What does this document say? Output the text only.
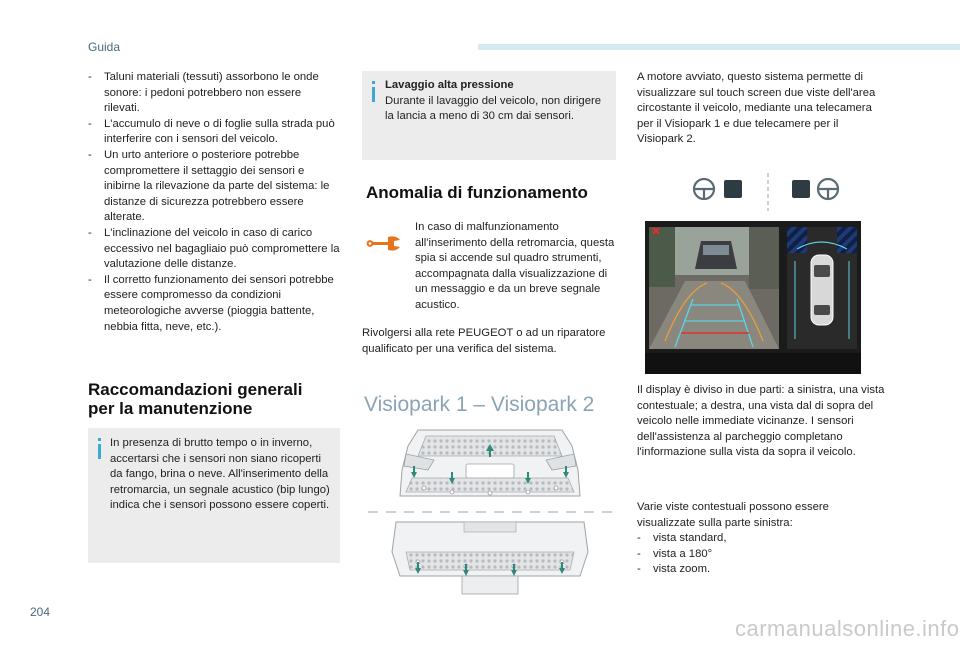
Guida
- Taluni materiali (tessuti) assorbono le onde sonore: i pedoni potrebbero non essere rilevati.
- L'accumulo di neve o di foglie sulla strada può interferire con i sensori del veicolo.
- Un urto anteriore o posteriore potrebbe compromettere il settaggio dei sensori e inibirne la rilevazione da parte del sistema: le distanze di sicurezza potrebbero essere alterate.
- L'inclinazione del veicolo in caso di carico eccessivo nel bagagliaio può compromettere la valutazione delle distanze.
- Il corretto funzionamento dei sensori potrebbe essere compromesso da condizioni meteorologiche avverse (pioggia battente, nebbia fitta, neve, etc.).
Raccomandazioni generali
per la manutenzione
In presenza di brutto tempo o in inverno, accertarsi che i sensori non siano ricoperti da fango, brina o neve. All'inserimento della retromarcia, un segnale acustico (bip lungo) indica che i sensori possono essere coperti.
Lavaggio alta pressione
Durante il lavaggio del veicolo, non dirigere la lancia a meno di 30 cm dai sensori.
Anomalia di funzionamento
In caso di malfunzionamento all'inserimento della retromarcia, questa spia si accende sul quadro strumenti, accompagnata dalla visualizzazione di un messaggio e da un breve segnale acustico.
Rivolgersi alla rete PEUGEOT o ad un riparatore qualificato per una verifica del sistema.
Visiopark 1 – Visiopark 2
A motore avviato, questo sistema permette di visualizzare sul touch screen due viste dell'area circostante il veicolo, mediante una telecamera per il Visiopark 1 e due telecamere per il Visiopark 2.
Il display è diviso in due parti: a sinistra, una vista contestuale; a destra, una vista dal di sopra del veicolo nelle immediate vicinanze. I sensori dell'assistenza al parcheggio completano l'informazione sulla vista da sopra il veicolo.
Varie viste contestuali possono essere visualizzate sulla parte sinistra:
- vista standard,
- vista a 180°
- vista zoom.
204
carmanualsonline.info
